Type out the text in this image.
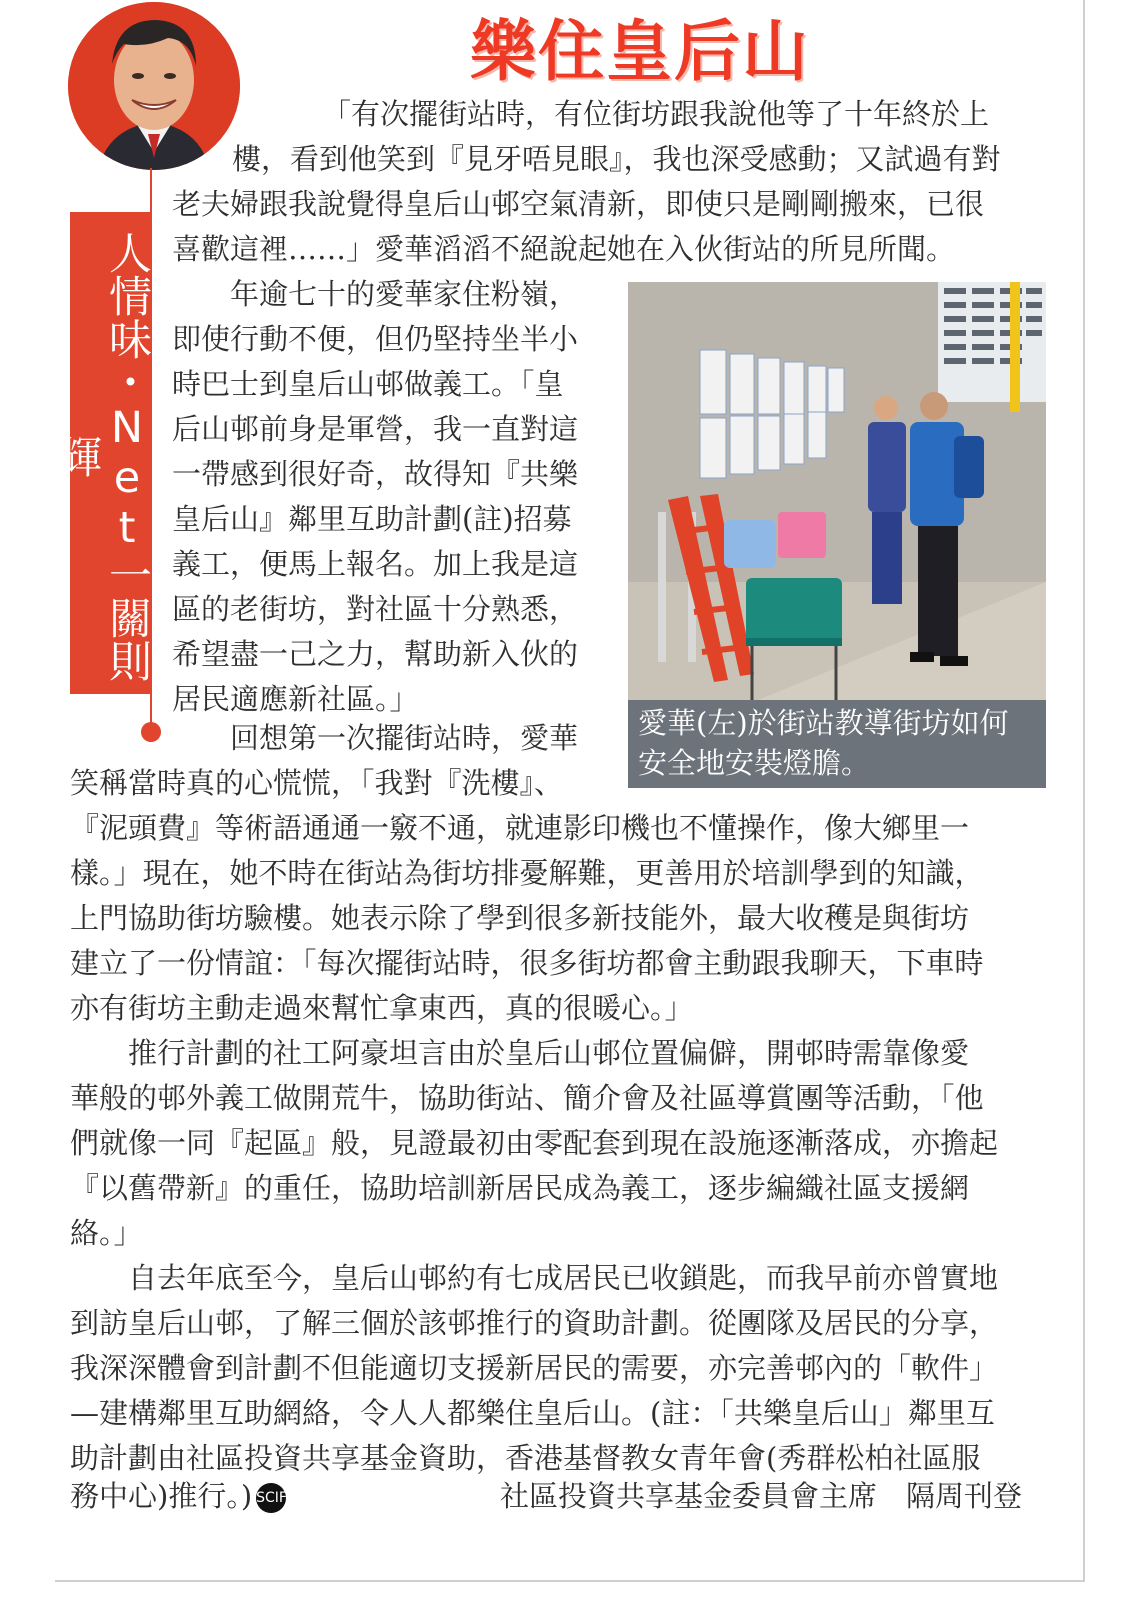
人情味・Net一關則輝
樂住皇后山
「有次擺街站時，有位街坊跟我說他等了十年終於上
樓，看到他笑到『見牙唔見眼』，我也深受感動；又試過有對
老夫婦跟我說覺得皇后山邨空氣清新，即使只是剛剛搬來，已很
喜歡這裡……」愛華滔滔不絕說起她在入伙街站的所見所聞。
年逾七十的愛華家住粉嶺，
即使行動不便，但仍堅持坐半小
時巴士到皇后山邨做義工。「皇
后山邨前身是軍營，我一直對這
一帶感到很好奇，故得知『共樂
皇后山』鄰里互助計劃(註)招募
義工，便馬上報名。加上我是這
區的老街坊，對社區十分熟悉，
希望盡一己之力，幫助新入伙的
居民適應新社區。」
回想第一次擺街站時，愛華
笑稱當時真的心慌慌，「我對『洗樓』、
『泥頭費』等術語通通一竅不通，就連影印機也不懂操作，像大鄉里一
樣。」現在，她不時在街站為街坊排憂解難，更善用於培訓學到的知識，
上門協助街坊驗樓。她表示除了學到很多新技能外，最大收穫是與街坊
建立了一份情誼：「每次擺街站時，很多街坊都會主動跟我聊天，下車時
亦有街坊主動走過來幫忙拿東西，真的很暖心。」
推行計劃的社工阿豪坦言由於皇后山邨位置偏僻，開邨時需靠像愛
華般的邨外義工做開荒牛，協助街站、簡介會及社區導賞團等活動，「他
們就像一同『起區』般，見證最初由零配套到現在設施逐漸落成，亦擔起
『以舊帶新』的重任，協助培訓新居民成為義工，逐步編織社區支援網
絡。」
自去年底至今，皇后山邨約有七成居民已收鎖匙，而我早前亦曾實地
到訪皇后山邨，了解三個於該邨推行的資助計劃。從團隊及居民的分享，
我深深體會到計劃不但能適切支援新居民的需要，亦完善邨內的「軟件」
—建構鄰里互助網絡，令人人都樂住皇后山。(註：「共樂皇后山」鄰里互
助計劃由社區投資共享基金資助，香港基督教女青年會(秀群松柏社區服
務中心)推行。) SCIF	社區投資共享基金委員會主席　隔周刊登
愛華(左)於街站教導街坊如何
安全地安裝燈膽。
